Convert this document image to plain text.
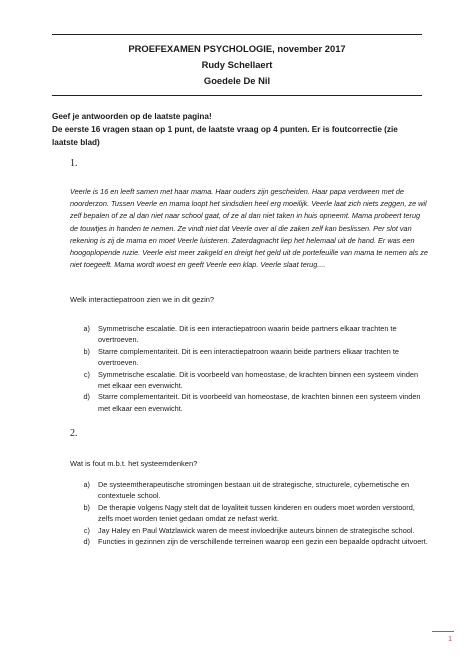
PROEFEXAMEN PSYCHOLOGIE, november 2017
Rudy Schellaert
Goedele De Nil
Geef je antwoorden op de laatste pagina!
De eerste 16 vragen staan op 1 punt, de laatste vraag op 4 punten. Er is foutcorrectie (zie laatste blad)
1.
Veerle is 16 en leeft samen met haar mama. Haar ouders zijn gescheiden. Haar papa verdween met de noorderzon. Tussen Veerle en mama loopt het sindsdien heel erg moeilijk. Veerle laat zich niets zeggen, ze wil zelf bepalen of ze al dan niet naar school gaat, of ze al dan niet taken in huis opneemt. Mama probeert terug de touwtjes in handen te nemen. Ze vindt niet dat Veerle over al die zaken zelf kan beslissen. Per slot van rekening is zij de mama en moet Veerle luisteren. Zaterdagnacht liep het helemaal uit de hand. Er was een hoogoplopende ruzie. Veerle eist meer zakgeld en dreigt het geld uit de portefeuille van mama te nemen als ze niet toegeeft. Mama wordt woest en geeft Veerle een klap. Veerle slaat terug....
Welk interactiepatroon zien we in dit gezin?
a)	Symmetrische escalatie. Dit is een interactiepatroon waarin beide partners elkaar trachten te overtroeven.
b)	Starre complementariteit. Dit is een interactiepatroon waarin beide partners elkaar trachten te overtroeven.
c)	Symmetrische escalatie. Dit is voorbeeld van homeostase, de krachten binnen een systeem vinden met elkaar een evenwicht.
d)	Starre complementariteit. Dit is voorbeeld van homeostase, de krachten binnen een systeem vinden met elkaar een evenwicht.
2.
Wat is fout m.b.t. het systeemdenken?
a)	De systeemtherapeutische stromingen bestaan uit de strategische, structurele, cybernetische en contextuele school.
b)	De therapie volgens Nagy stelt dat de loyaliteit tussen kinderen en ouders moet worden verstoord, zelfs moet worden teniet gedaan omdat ze nefast werkt.
c)	Jay Haley en Paul Watzlawick waren de meest invloedrijke auteurs binnen de strategische school.
d)	Functies in gezinnen zijn de verschillende terreinen waarop een gezin een bepaalde opdracht uitvoert.
1
